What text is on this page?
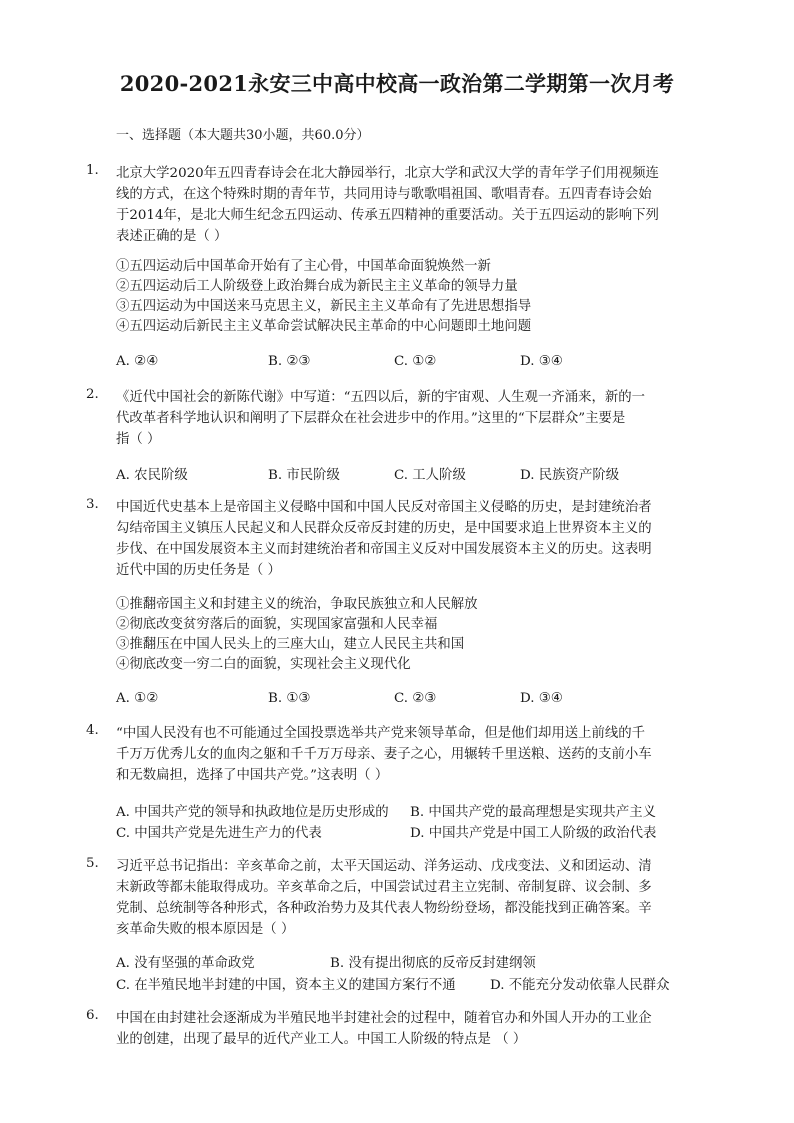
2020-2021永安三中高中校高一政治第二学期第一次月考
一、选择题（本大题共30小题，共60.0分）
1.	北京大学2020年五四青春诗会在北大静园举行，北京大学和武汉大学的青年学子们用视频连
线的方式，在这个特殊时期的青年节，共同用诗与歌歌唱祖国、歌唱青春。五四青春诗会始
于2014年，是北大师生纪念五四运动、传承五四精神的重要活动。关于五四运动的影响下列
表述正确的是（ ）
①五四运动后中国革命开始有了主心骨，中国革命面貌焕然一新
②五四运动后工人阶级登上政治舞台成为新民主主义革命的领导力量
③五四运动为中国送来马克思主义，新民主主义革命有了先进思想指导
④五四运动后新民主主义革命尝试解决民主革命的中心问题即土地问题
A. ②④	B. ②③	C. ①②	D. ③④
2.	《近代中国社会的新陈代谢》中写道：“五四以后，新的宇宙观、人生观一齐涌来，新的一
代改革者科学地认识和阐明了下层群众在社会进步中的作用。”这里的“下层群众”主要是
指（ ）
A. 农民阶级	B. 市民阶级	C. 工人阶级	D. 民族资产阶级
3.	中国近代史基本上是帝国主义侵略中国和中国人民反对帝国主义侵略的历史，是封建统治者
勾结帝国主义镇压人民起义和人民群众反帝反封建的历史，是中国要求追上世界资本主义的
步伐、在中国发展资本主义而封建统治者和帝国主义反对中国发展资本主义的历史。这表明
近代中国的历史任务是（ ）
①推翻帝国主义和封建主义的统治，争取民族独立和人民解放
②彻底改变贫穷落后的面貌，实现国家富强和人民幸福
③推翻压在中国人民头上的三座大山，建立人民民主共和国
④彻底改变一穷二白的面貌，实现社会主义现代化
A. ①②	B. ①③	C. ②③	D. ③④
4.	“中国人民没有也不可能通过全国投票选举共产党来领导革命，但是他们却用送上前线的千
千万万优秀儿女的血肉之躯和千千万万母亲、妻子之心，用辗转千里送粮、送药的支前小车
和无数扁担，选择了中国共产党。”这表明（ ）
A. 中国共产党的领导和执政地位是历史形成的 B. 中国共产党的最高理想是实现共产主义
C. 中国共产党是先进生产力的代表	D. 中国共产党是中国工人阶级的政治代表
5.	习近平总书记指出：辛亥革命之前，太平天国运动、洋务运动、戊戌变法、义和团运动、清
末新政等都未能取得成功。辛亥革命之后，中国尝试过君主立宪制、帝制复辟、议会制、多
党制、总统制等各种形式，各种政治势力及其代表人物纷纷登场，都没能找到正确答案。辛
亥革命失败的根本原因是（ ）
A. 没有坚强的革命政党	B. 没有提出彻底的反帝反封建纲领
C. 在半殖民地半封建的中国，资本主义的建国方案行不通	D. 不能充分发动依靠人民群众
6.	中国在由封建社会逐渐成为半殖民地半封建社会的过程中，随着官办和外国人开办的工业企
业的创建，出现了最早的近代产业工人。中国工人阶级的特点是 （ ）
